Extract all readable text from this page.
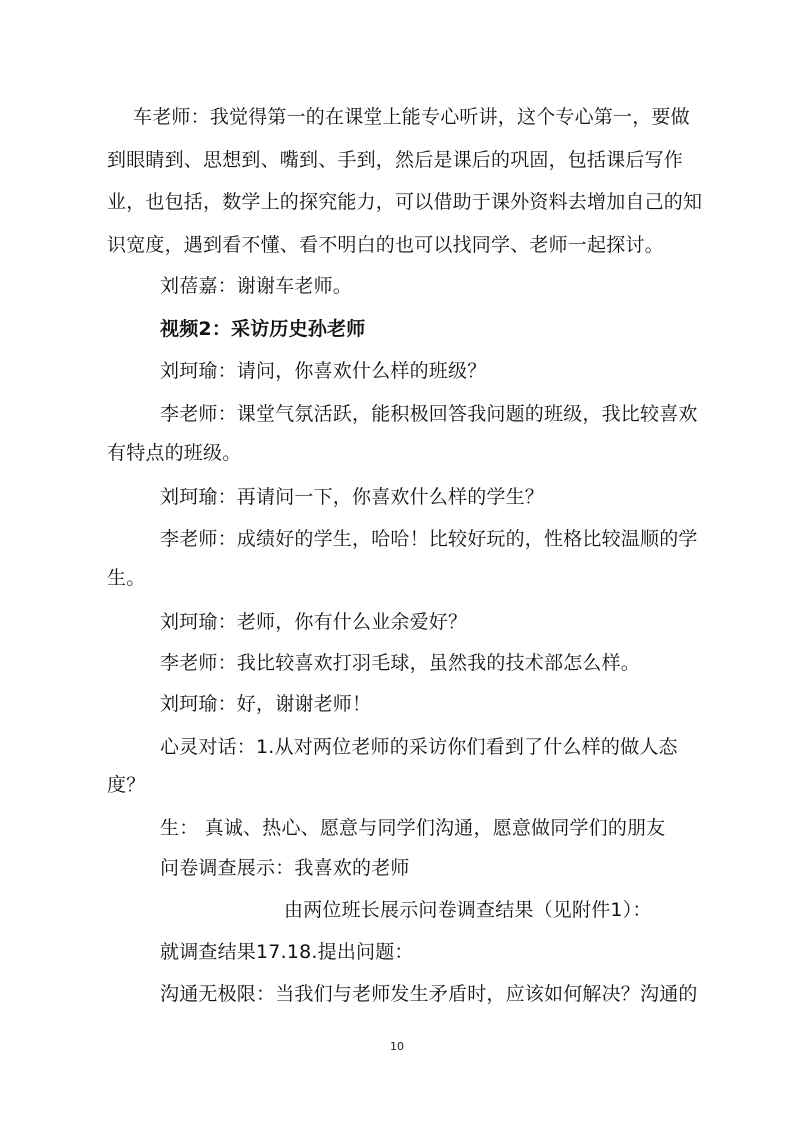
车老师：我觉得第一的在课堂上能专心听讲，这个专心第一，要做
到眼睛到、思想到、嘴到、手到，然后是课后的巩固，包括课后写作
业，也包括，数学上的探究能力，可以借助于课外资料去增加自己的知
识宽度，遇到看不懂、看不明白的也可以找同学、老师一起探讨。
刘蓓嘉：谢谢车老师。
视频2：采访历史孙老师
刘珂瑜：请问，你喜欢什么样的班级？
李老师：课堂气氛活跃，能积极回答我问题的班级，我比较喜欢
有特点的班级。
刘珂瑜：再请问一下，你喜欢什么样的学生？
李老师：成绩好的学生，哈哈！比较好玩的，性格比较温顺的学
生。
刘珂瑜：老师，你有什么业余爱好？
李老师：我比较喜欢打羽毛球，虽然我的技术部怎么样。
刘珂瑜：好，谢谢老师！
心灵对话：1.从对两位老师的采访你们看到了什么样的做人态
度？
生： 真诚、热心、愿意与同学们沟通，愿意做同学们的朋友
问卷调查展示：我喜欢的老师
由两位班长展示问卷调查结果（见附件1）：
就调查结果17.18.提出问题：
沟通无极限：当我们与老师发生矛盾时，应该如何解决？沟通的
10
